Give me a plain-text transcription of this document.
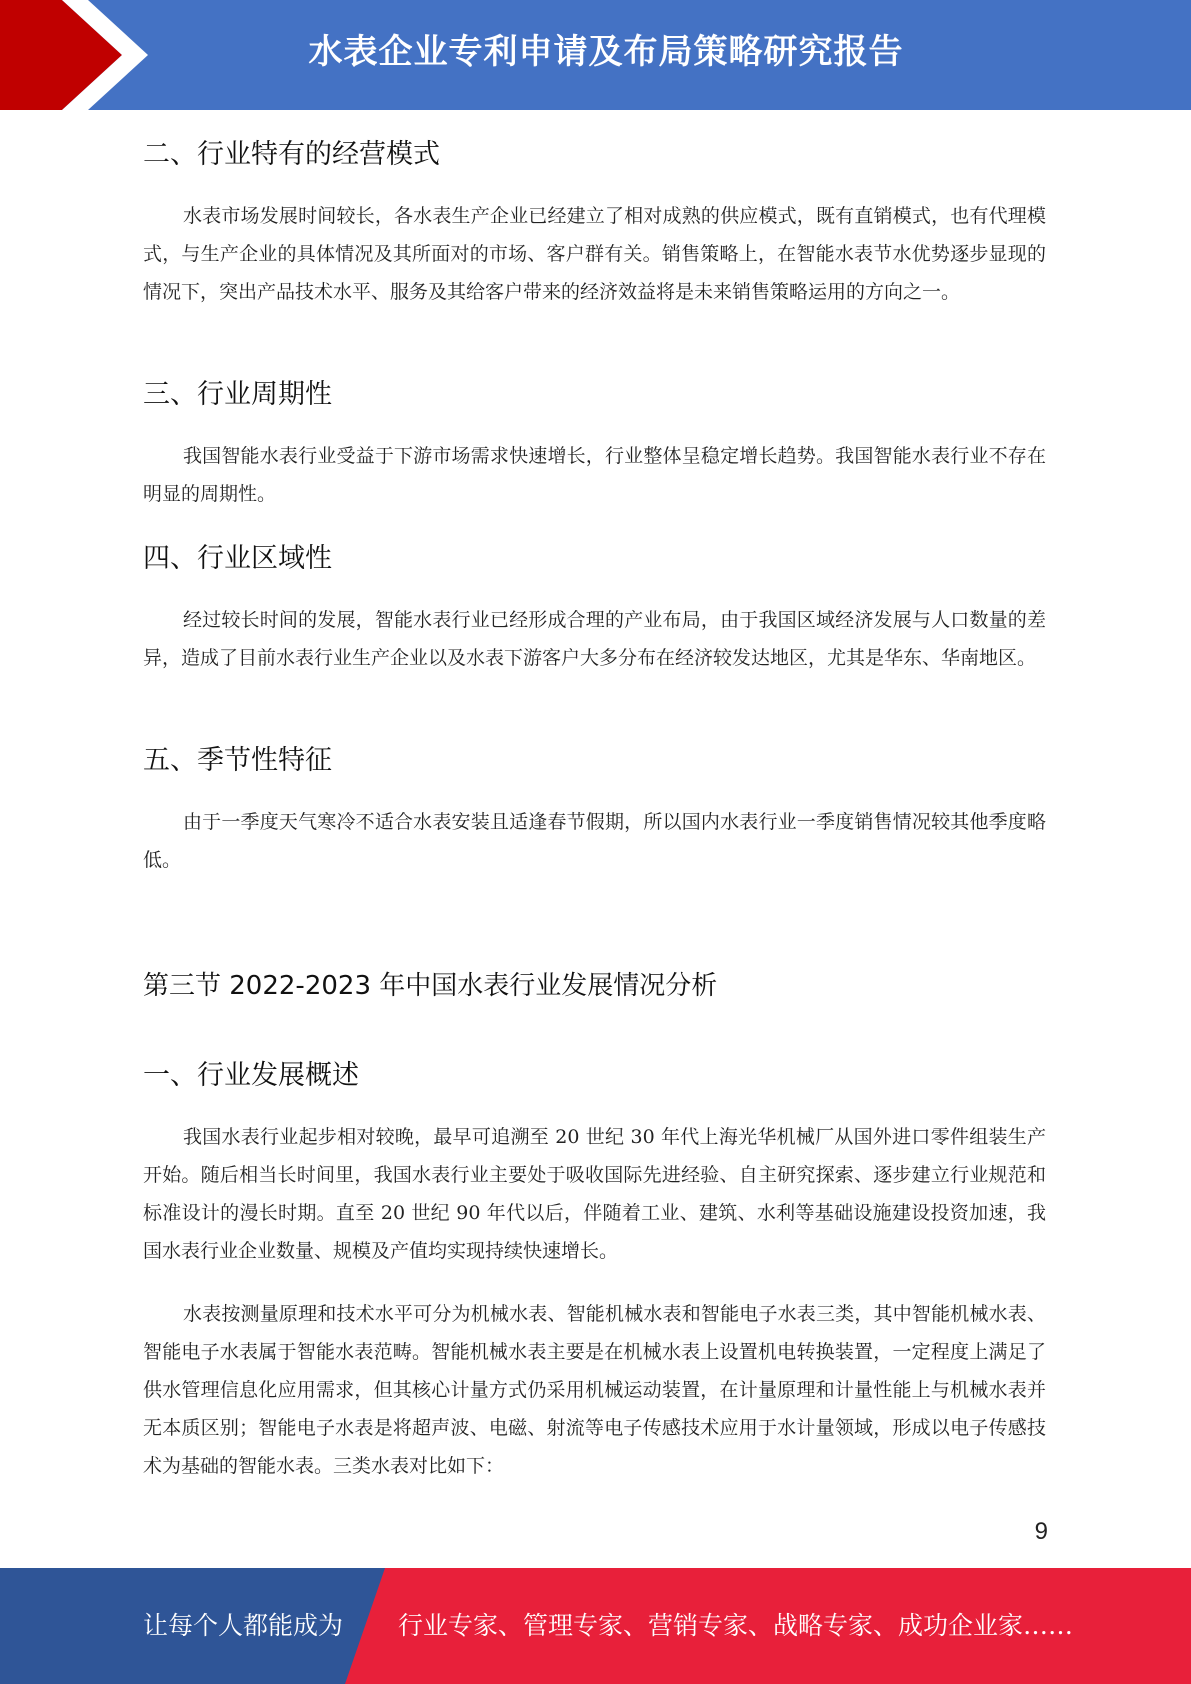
水表企业专利申请及布局策略研究报告
二、行业特有的经营模式
水表市场发展时间较长，各水表生产企业已经建立了相对成熟的供应模式，既有直销模式，也有代理模式，与生产企业的具体情况及其所面对的市场、客户群有关。销售策略上，在智能水表节水优势逐步显现的情况下，突出产品技术水平、服务及其给客户带来的经济效益将是未来销售策略运用的方向之一。
三、行业周期性
我国智能水表行业受益于下游市场需求快速增长，行业整体呈稳定增长趋势。我国智能水表行业不存在明显的周期性。
四、行业区域性
经过较长时间的发展，智能水表行业已经形成合理的产业布局，由于我国区域经济发展与人口数量的差异，造成了目前水表行业生产企业以及水表下游客户大多分布在经济较发达地区，尤其是华东、华南地区。
五、季节性特征
由于一季度天气寒冷不适合水表安装且适逢春节假期，所以国内水表行业一季度销售情况较其他季度略低。
第三节 2022-2023 年中国水表行业发展情况分析
一、行业发展概述
我国水表行业起步相对较晚，最早可追溯至 20 世纪 30 年代上海光华机械厂从国外进口零件组装生产开始。随后相当长时间里，我国水表行业主要处于吸收国际先进经验、自主研究探索、逐步建立行业规范和标准设计的漫长时期。直至 20 世纪 90 年代以后，伴随着工业、建筑、水利等基础设施建设投资加速，我国水表行业企业数量、规模及产值均实现持续快速增长。
水表按测量原理和技术水平可分为机械水表、智能机械水表和智能电子水表三类，其中智能机械水表、智能电子水表属于智能水表范畴。智能机械水表主要是在机械水表上设置机电转换装置，一定程度上满足了供水管理信息化应用需求，但其核心计量方式仍采用机械运动装置，在计量原理和计量性能上与机械水表并无本质区别；智能电子水表是将超声波、电磁、射流等电子传感技术应用于水计量领域，形成以电子传感技术为基础的智能水表。三类水表对比如下：
9
让每个人都能成为 行业专家、管理专家、营销专家、战略专家、成功企业家……
